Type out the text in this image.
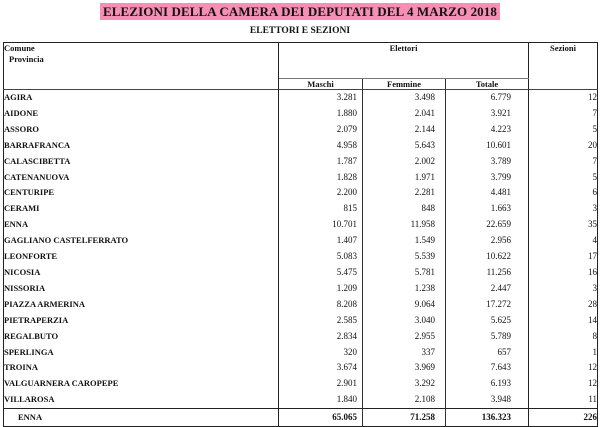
ELEZIONI DELLA CAMERA DEI DEPUTATI DEL 4 MARZO 2018
ELETTORI E SEZIONI
Comune
Provincia	Elettori			Sezioni
	Maschi	Femmine	Totale	
AGIRA	3.281	3.498	6.779	12
AIDONE	1.880	2.041	3.921	7
ASSORO	2.079	2.144	4.223	5
BARRAFRANCA	4.958	5.643	10.601	20
CALASCIBETTA	1.787	2.002	3.789	7
CATENANUOVA	1.828	1.971	3.799	5
CENTURIPE	2.200	2.281	4.481	6
CERAMI	815	848	1.663	3
ENNA	10.701	11.958	22.659	35
GAGLIANO CASTELFERRATO	1.407	1.549	2.956	4
LEONFORTE	5.083	5.539	10.622	17
NICOSIA	5.475	5.781	11.256	16
NISSORIA	1.209	1.238	2.447	3
PIAZZA ARMERINA	8.208	9.064	17.272	28
PIETRAPERZIA	2.585	3.040	5.625	14
REGALBUTO	2.834	2.955	5.789	8
SPERLINGA	320	337	657	1
TROINA	3.674	3.969	7.643	12
VALGUARNERA CAROPEPE	2.901	3.292	6.193	12
VILLAROSA	1.840	2.108	3.948	11
ENNA	65.065	71.258	136.323	226
